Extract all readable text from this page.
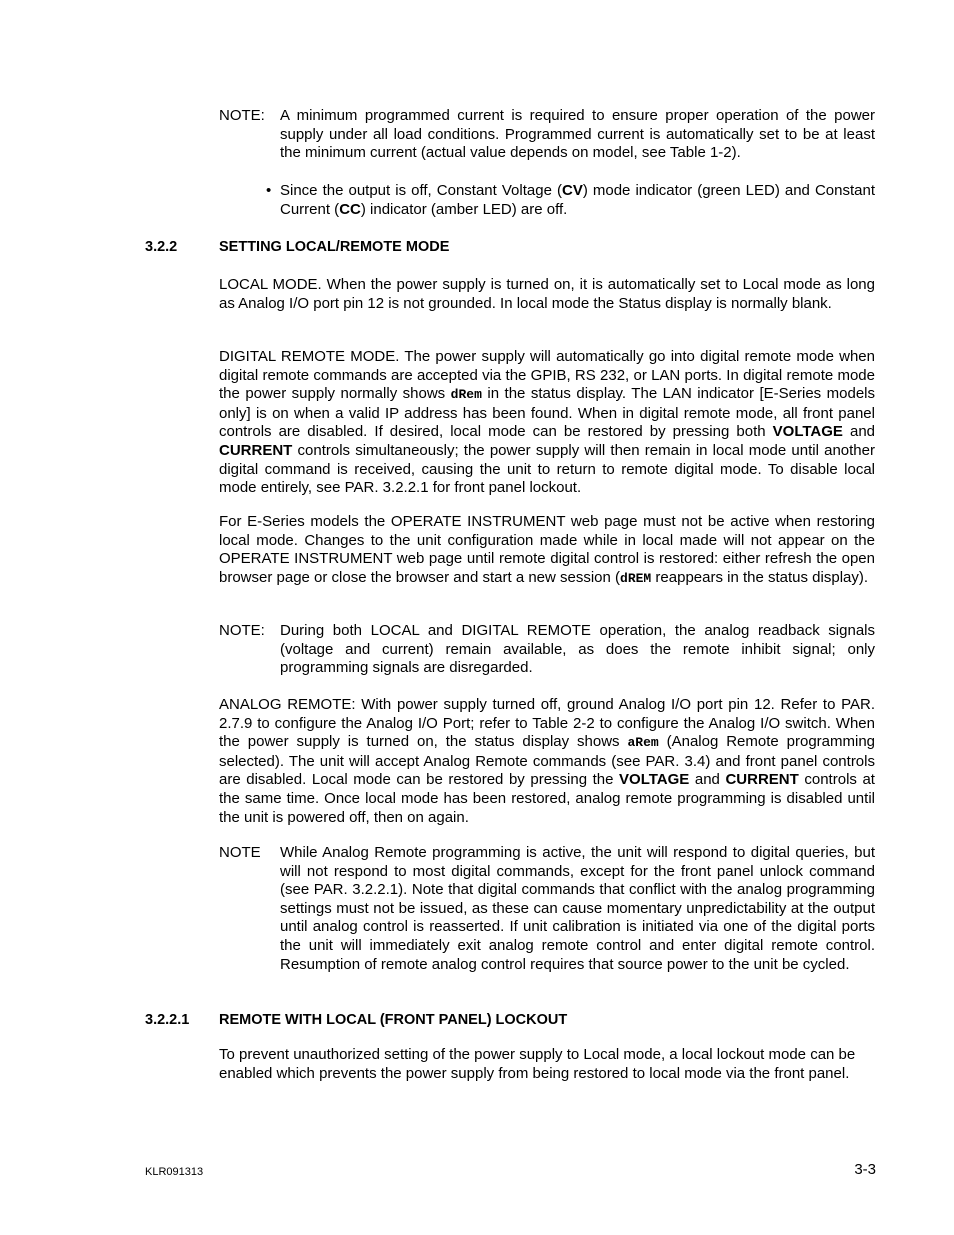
NOTE: A minimum programmed current is required to ensure proper operation of the power supply under all load conditions. Programmed current is automatically set to be at least the minimum current (actual value depends on model, see Table 1-2).
• Since the output is off, Constant Voltage (CV) mode indicator (green LED) and Constant Current (CC) indicator (amber LED) are off.
3.2.2	SETTING LOCAL/REMOTE MODE
LOCAL MODE. When the power supply is turned on, it is automatically set to Local mode as long as Analog I/O port pin 12 is not grounded. In local mode the Status display is normally blank.
DIGITAL REMOTE MODE. The power supply will automatically go into digital remote mode when digital remote commands are accepted via the GPIB, RS 232, or LAN ports. In digital remote mode the power supply normally shows dRem in the status display. The LAN indicator [E-Series models only] is on when a valid IP address has been found. When in digital remote mode, all front panel controls are disabled. If desired, local mode can be restored by pressing both VOLTAGE and CURRENT controls simultaneously; the power supply will then remain in local mode until another digital command is received, causing the unit to return to remote digital mode. To disable local mode entirely, see PAR. 3.2.2.1 for front panel lockout.
For E-Series models the OPERATE INSTRUMENT web page must not be active when restoring local mode. Changes to the unit configuration made while in local made will not appear on the OPERATE INSTRUMENT web page until remote digital control is restored: either refresh the open browser page or close the browser and start a new session (dREM reappears in the status display).
NOTE: During both LOCAL and DIGITAL REMOTE operation, the analog readback signals (voltage and current) remain available, as does the remote inhibit signal; only programming signals are disregarded.
ANALOG REMOTE: With power supply turned off, ground Analog I/O port pin 12. Refer to PAR. 2.7.9 to configure the Analog I/O Port; refer to Table 2-2 to configure the Analog I/O switch. When the power supply is turned on, the status display shows aRem (Analog Remote programming selected). The unit will accept Analog Remote commands (see PAR. 3.4) and front panel controls are disabled. Local mode can be restored by pressing the VOLTAGE and CURRENT controls at the same time. Once local mode has been restored, analog remote programming is disabled until the unit is powered off, then on again.
NOTE While Analog Remote programming is active, the unit will respond to digital queries, but will not respond to most digital commands, except for the front panel unlock command (see PAR. 3.2.2.1). Note that digital commands that conflict with the analog programming settings must not be issued, as these can cause momentary unpredictability at the output until analog control is reasserted. If unit calibration is initiated via one of the digital ports the unit will immediately exit analog remote control and enter digital remote control. Resumption of remote analog control requires that source power to the unit be cycled.
3.2.2.1 REMOTE WITH LOCAL (FRONT PANEL) LOCKOUT
To prevent unauthorized setting of the power supply to Local mode, a local lockout mode can be enabled which prevents the power supply from being restored to local mode via the front panel.
KLR091313	3-3
